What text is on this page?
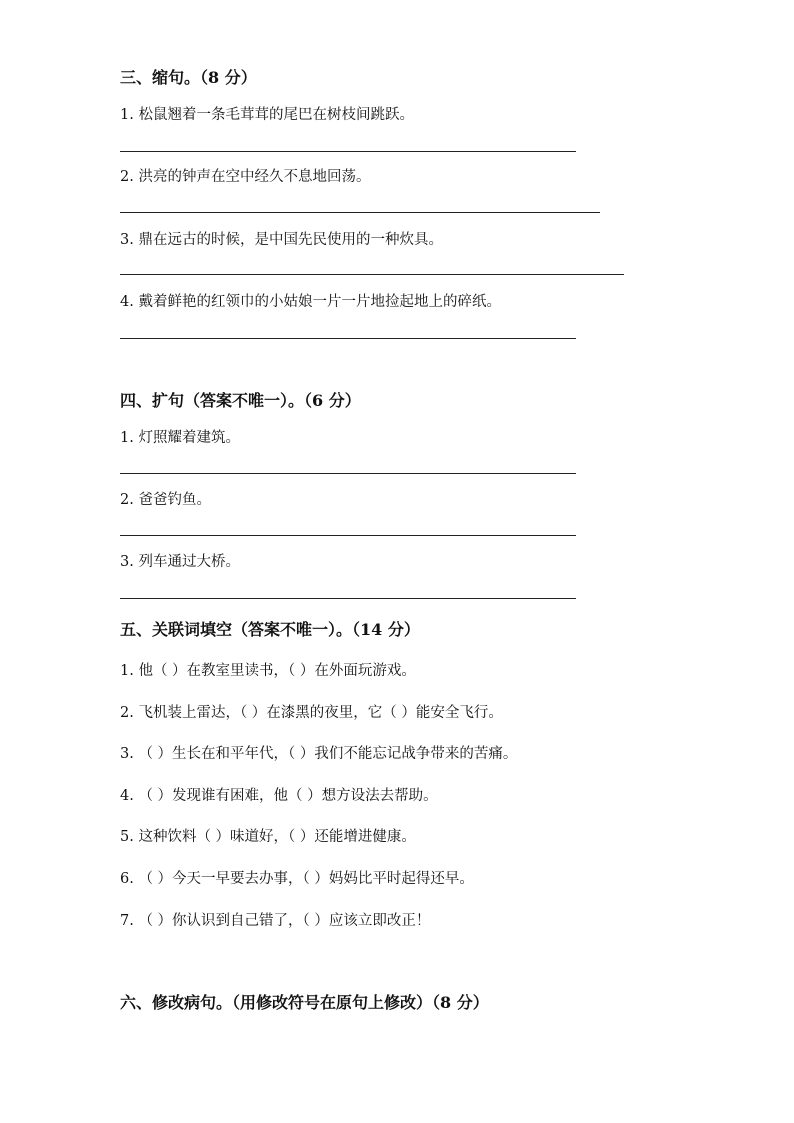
三、缩句。（8 分）
1. 松鼠翘着一条毛茸茸的尾巴在树枝间跳跃。
2. 洪亮的钟声在空中经久不息地回荡。
3. 鼎在远古的时候，是中国先民使用的一种炊具。
4. 戴着鲜艳的红领巾的小姑娘一片一片地捡起地上的碎纸。
四、扩句（答案不唯一）。（6 分）
1. 灯照耀着建筑。
2. 爸爸钓鱼。
3. 列车通过大桥。
五、关联词填空（答案不唯一）。（14 分）
1. 他（ ）在教室里读书，（ ）在外面玩游戏。
2. 飞机装上雷达，（ ）在漆黑的夜里，它（ ）能安全飞行。
3. （ ）生长在和平年代，（ ）我们不能忘记战争带来的苦痛。
4. （ ）发现谁有困难，他（ ）想方设法去帮助。
5. 这种饮料（ ）味道好，（ ）还能增进健康。
6. （ ）今天一早要去办事，（ ）妈妈比平时起得还早。
7. （ ）你认识到自己错了，（ ）应该立即改正！
六、修改病句。（用修改符号在原句上修改）（8 分）
